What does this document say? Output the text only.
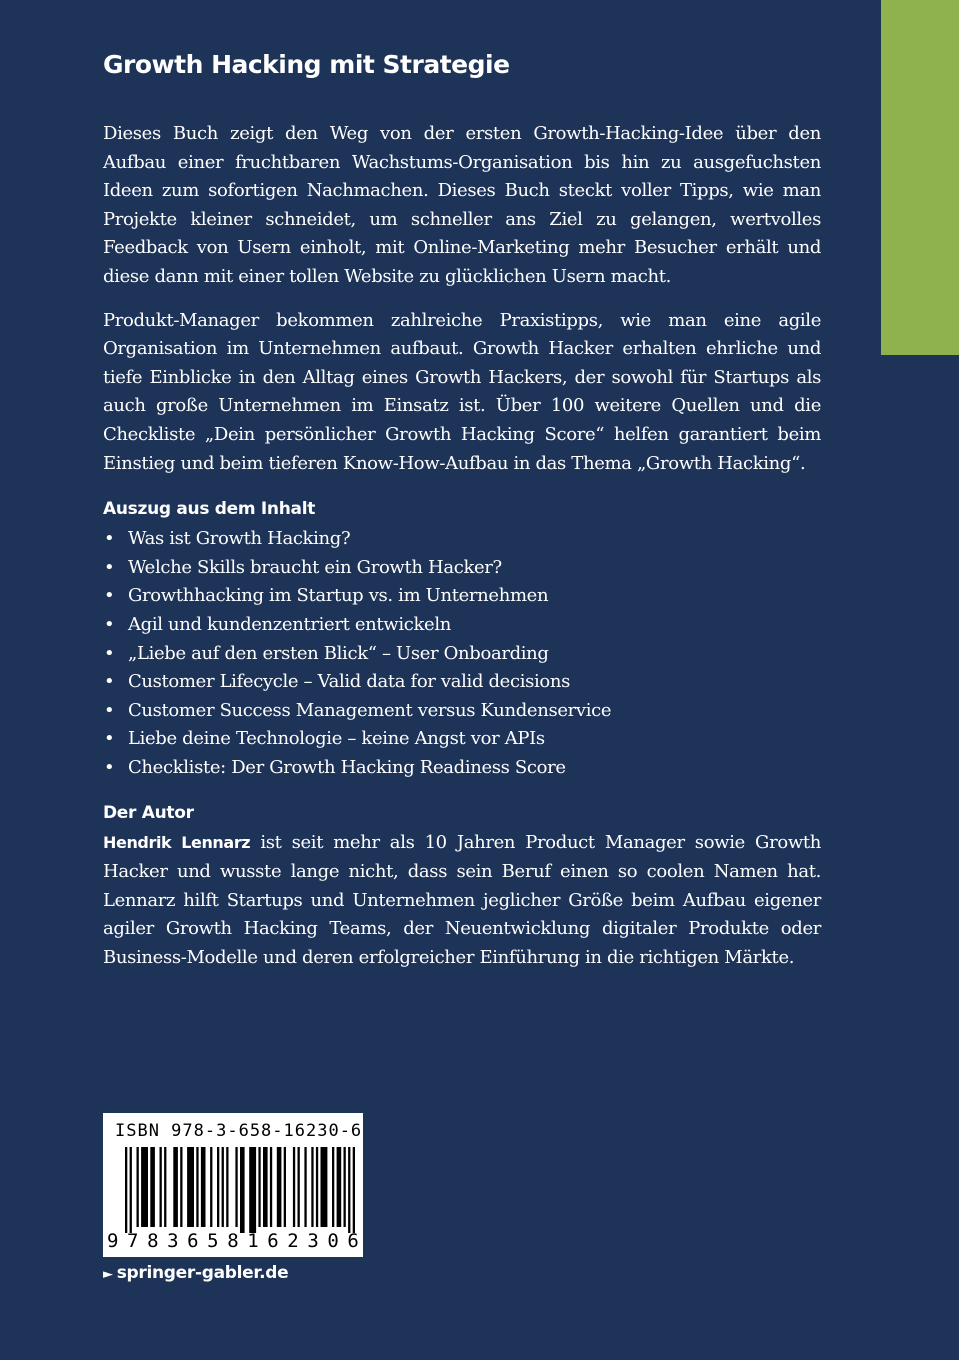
Growth Hacking mit Strategie

Dieses Buch zeigt den Weg von der ersten Growth-Hacking-Idee über den Aufbau einer fruchtbaren Wachstums-Organisation bis hin zu ausgefuchsten Ideen zum sofortigen Nachmachen. Dieses Buch steckt voller Tipps, wie man Projekte kleiner schneidet, um schneller ans Ziel zu gelangen, wertvolles Feedback von Usern einholt, mit Online-Marketing mehr Besucher erhält und diese dann mit einer tollen Website zu glücklichen Usern macht.

Produkt-Manager bekommen zahlreiche Praxistipps, wie man eine agile Organisation im Unternehmen aufbaut. Growth Hacker erhalten ehrliche und tiefe Einblicke in den Alltag eines Growth Hackers, der sowohl für Startups als auch große Unternehmen im Einsatz ist. Über 100 weitere Quellen und die Checkliste „Dein persönlicher Growth Hacking Score“ helfen garantiert beim Einstieg und beim tieferen Know-How-Aufbau in das Thema „Growth Hacking“.

Auszug aus dem Inhalt
• Was ist Growth Hacking?
• Welche Skills braucht ein Growth Hacker?
• Growthhacking im Startup vs. im Unternehmen
• Agil und kundenzentriert entwickeln
• „Liebe auf den ersten Blick“ – User Onboarding
• Customer Lifecycle – Valid data for valid decisions
• Customer Success Management versus Kundenservice
• Liebe deine Technologie – keine Angst vor APIs
• Checkliste: Der Growth Hacking Readiness Score
Der Autor

Hendrik Lennarz ist seit mehr als 10 Jahren Product Manager sowie Growth Hacker und wusste lange nicht, dass sein Beruf einen so coolen Namen hat. Lennarz hilft Startups und Unternehmen jeglicher Größe beim Aufbau eigener agiler Growth Hacking Teams, der Neuentwicklung digitaler Produkte oder Business-Modelle und deren erfolgreicher Einführung in die richtigen Märkte.

ISBN 978-3-658-16230-6
9 7 8 3 6 5 8 1 6 2 3 0 6
► springer-gabler.de
